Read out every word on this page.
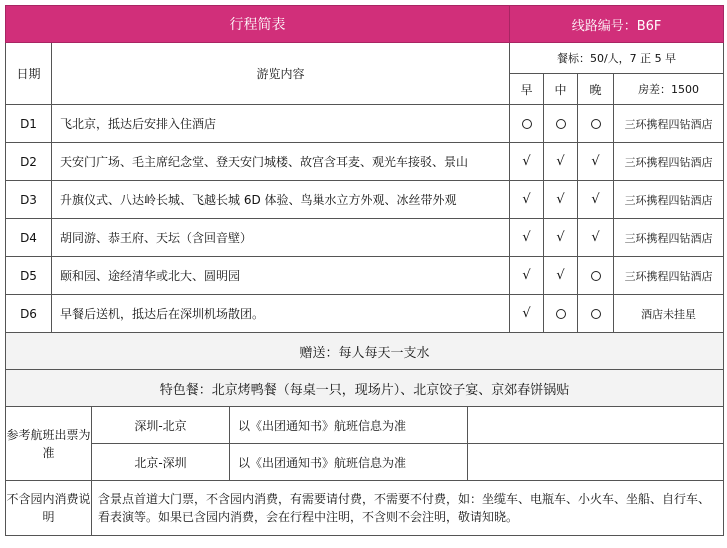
行程简表					线路编号：B6F			
日期	游览内容				餐标：50/人，7 正 5 早			
					早	中	晚	房差：1500
D1	飞北京，抵达后安排入住酒店							三环携程四钻酒店
D2	天安门广场、毛主席纪念堂、登天安门城楼、故宫含耳麦、观光车接驳、景山				√	√	√	三环携程四钻酒店
D3	升旗仪式、八达岭长城、飞越长城 6D 体验、鸟巢水立方外观、冰丝带外观				√	√	√	三环携程四钻酒店
D4	胡同游、恭王府、天坛（含回音壁）				√	√	√	三环携程四钻酒店
D5	颐和园、途经清华或北大、圆明园				√	√		三环携程四钻酒店
D6	早餐后送机，抵达后在深圳机场散团。				√			酒店未挂星
赠送：每人每天一支水								
特色餐：北京烤鸭餐（每桌一只，现场片）、北京饺子宴、京郊春饼锅贴								
参考航班出票为准		深圳-北京	以《出团通知书》航班信息为准					
		北京-深圳	以《出团通知书》航班信息为准					
不含园内消费说明		含景点首道大门票，不含园内消费，有需要请付费，不需要不付费，如：坐缆车、电瓶车、小火车、坐船、自行车、看表演等。如果已含园内消费，会在行程中注明，不含则不会注明，敬请知晓。						
